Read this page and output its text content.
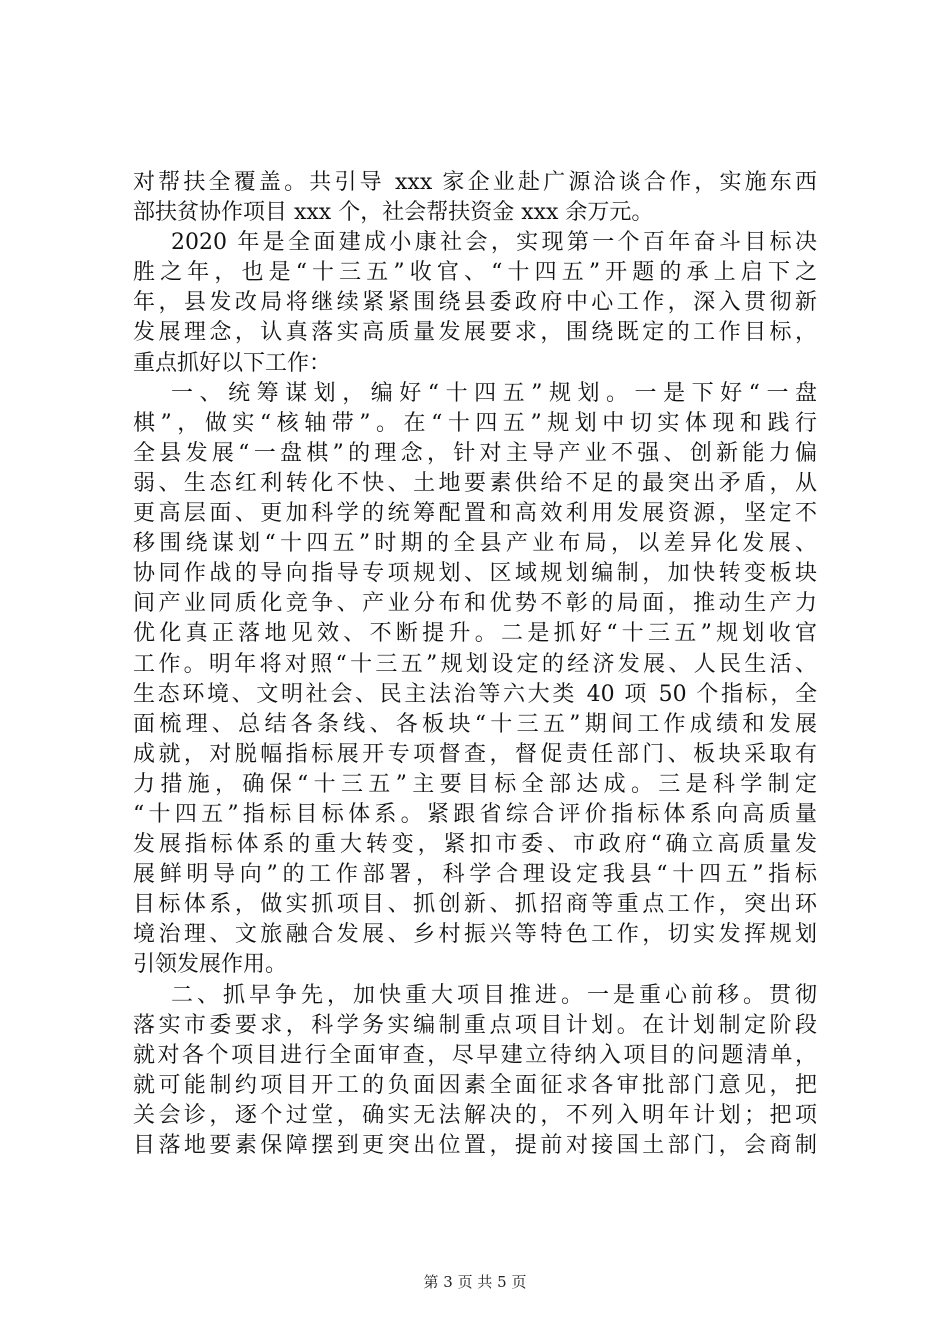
对帮扶全覆盖。共引导 xxx 家企业赴广源洽谈合作，实施东西
部扶贫协作项目 xxx 个，社会帮扶资金 xxx 余万元。
2020 年是全面建成小康社会，实现第一个百年奋斗目标决
胜之年，也是“十三五”收官、“十四五”开题的承上启下之
年，县发改局将继续紧紧围绕县委政府中心工作，深入贯彻新
发展理念，认真落实高质量发展要求，围绕既定的工作目标，
重点抓好以下工作：
一、统筹谋划，编好“十四五”规划。一是下好“一盘
棋”，做实“核轴带”。在“十四五”规划中切实体现和践行
全县发展“一盘棋”的理念，针对主导产业不强、创新能力偏
弱、生态红利转化不快、土地要素供给不足的最突出矛盾，从
更高层面、更加科学的统筹配置和高效利用发展资源，坚定不
移围绕谋划“十四五”时期的全县产业布局，以差异化发展、
协同作战的导向指导专项规划、区域规划编制，加快转变板块
间产业同质化竞争、产业分布和优势不彰的局面，推动生产力
优化真正落地见效、不断提升。二是抓好“十三五”规划收官
工作。明年将对照“十三五”规划设定的经济发展、人民生活、
生态环境、文明社会、民主法治等六大类 40 项 50 个指标，全
面梳理、总结各条线、各板块“十三五”期间工作成绩和发展
成就，对脱幅指标展开专项督查，督促责任部门、板块采取有
力措施，确保“十三五”主要目标全部达成。三是科学制定
“十四五”指标目标体系。紧跟省综合评价指标体系向高质量
发展指标体系的重大转变，紧扣市委、市政府“确立高质量发
展鲜明导向”的工作部署，科学合理设定我县“十四五”指标
目标体系，做实抓项目、抓创新、抓招商等重点工作，突出环
境治理、文旅融合发展、乡村振兴等特色工作，切实发挥规划
引领发展作用。
二、抓早争先，加快重大项目推进。一是重心前移。贯彻
落实市委要求，科学务实编制重点项目计划。在计划制定阶段
就对各个项目进行全面审查，尽早建立待纳入项目的问题清单，
就可能制约项目开工的负面因素全面征求各审批部门意见，把
关会诊，逐个过堂，确实无法解决的，不列入明年计划；把项
目落地要素保障摆到更突出位置，提前对接国土部门，会商制
第 3 页 共 5 页
